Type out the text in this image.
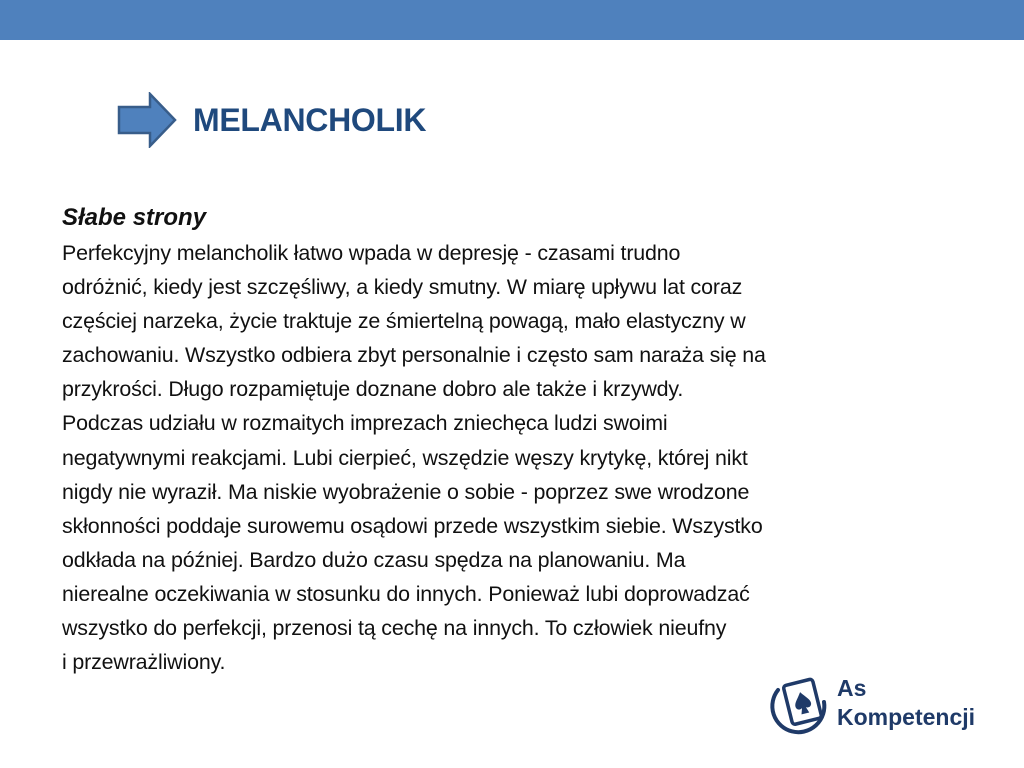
MELANCHOLIK

Słabe strony

Perfekcyjny melancholik łatwo wpada w depresję - czasami trudno
odróżnić, kiedy jest szczęśliwy, a kiedy smutny. W miarę upływu lat coraz
częściej narzeka, życie traktuje ze śmiertelną powagą, mało elastyczny w
zachowaniu. Wszystko odbiera zbyt personalnie i często sam naraża się na
przykrości. Długo rozpamiętuje doznane dobro ale także i krzywdy.
Podczas udziału w rozmaitych imprezach zniechęca ludzi swoimi
negatywnymi reakcjami. Lubi cierpieć, wszędzie węszy krytykę, której nikt
nigdy nie wyraził. Ma niskie wyobrażenie o sobie - poprzez swe wrodzone
skłonności poddaje surowemu osądowi przede wszystkim siebie. Wszystko
odkłada na później. Bardzo dużo czasu spędza na planowaniu. Ma
nierealne oczekiwania w stosunku do innych. Ponieważ lubi doprowadzać
wszystko do perfekcji, przenosi tą cechę na innych. To człowiek nieufny
i przewrażliwiony.

As
Kompetencji
